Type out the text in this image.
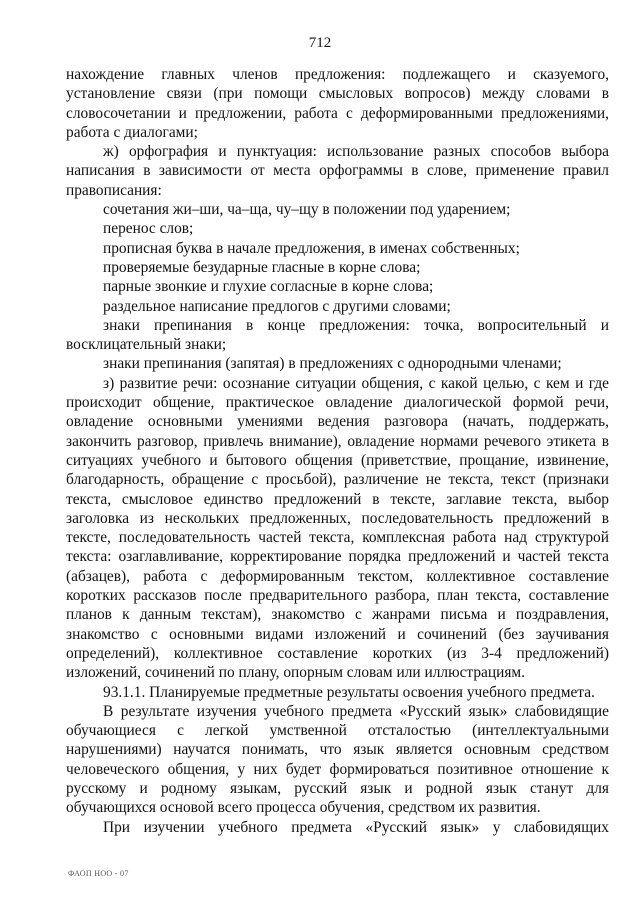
712

нахождение главных членов предложения: подлежащего и сказуемого, установление связи (при помощи смысловых вопросов) между словами в словосочетании и предложении, работа с деформированными предложениями, работа с диалогами;

ж) орфография и пунктуация: использование разных способов выбора написания в зависимости от места орфограммы в слове, применение правил правописания:

сочетания жи–ши, ча–ща, чу–щу в положении под ударением;

перенос слов;

прописная буква в начале предложения, в именах собственных;

проверяемые безударные гласные в корне слова;

парные звонкие и глухие согласные в корне слова;

раздельное написание предлогов с другими словами;

знаки препинания в конце предложения: точка, вопросительный и восклицательный знаки;

знаки препинания (запятая) в предложениях с однородными членами;

з) развитие речи: осознание ситуации общения, с какой целью, с кем и где происходит общение, практическое овладение диалогической формой речи, овладение основными умениями ведения разговора (начать, поддержать, закончить разговор, привлечь внимание), овладение нормами речевого этикета в ситуациях учебного и бытового общения (приветствие, прощание, извинение, благодарность, обращение с просьбой), различение не текста, текст (признаки текста, смысловое единство предложений в тексте, заглавие текста, выбор заголовка из нескольких предложенных, последовательность предложений в тексте, последовательность частей текста, комплексная работа над структурой текста: озаглавливание, корректирование порядка предложений и частей текста (абзацев), работа с деформированным текстом, коллективное составление коротких рассказов после предварительного разбора, план текста, составление планов к данным текстам), знакомство с жанрами письма и поздравления, знакомство с основными видами изложений и сочинений (без заучивания определений), коллективное составление коротких (из 3-4 предложений) изложений, сочинений по плану, опорным словам или иллюстрациям.

93.1.1. Планируемые предметные результаты освоения учебного предмета.

В результате изучения учебного предмета «Русский язык» слабовидящие обучающиеся с легкой умственной отсталостью (интеллектуальными нарушениями) научатся понимать, что язык является основным средством человеческого общения, у них будет формироваться позитивное отношение к русскому и родному языкам, русский язык и родной язык станут для обучающихся основой всего процесса обучения, средством их развития.

При изучении учебного предмета «Русский язык» у слабовидящих

ФАОП НОО - 07
